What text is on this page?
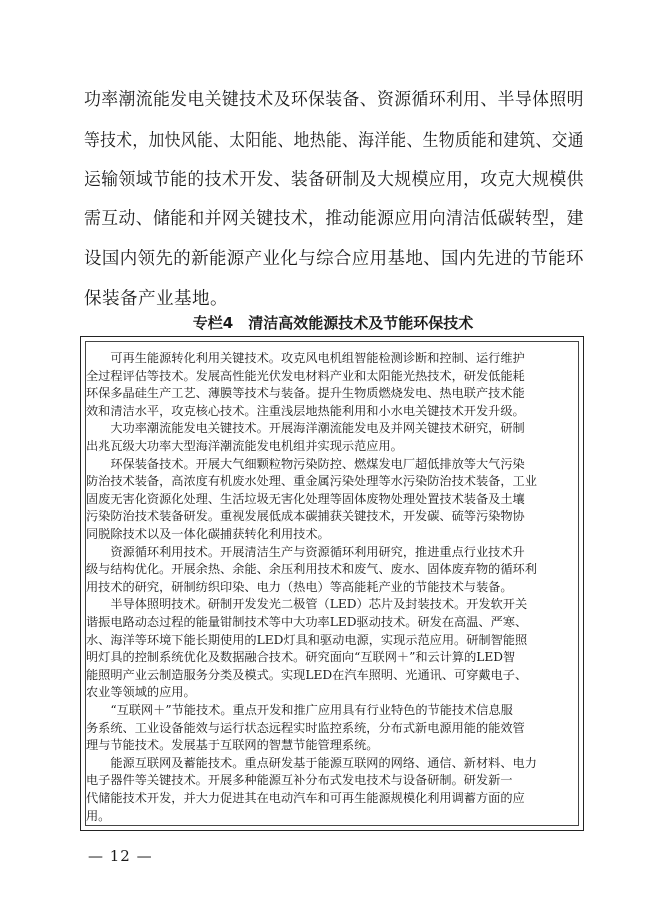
功率潮流能发电关键技术及环保装备、资源循环利用、半导体照明
等技术，加快风能、太阳能、地热能、海洋能、生物质能和建筑、交通
运输领域节能的技术开发、装备研制及大规模应用，攻克大规模供
需互动、储能和并网关键技术，推动能源应用向清洁低碳转型，建
设国内领先的新能源产业化与综合应用基地、国内先进的节能环
保装备产业基地。
专栏4　清洁高效能源技术及节能环保技术
　　可再生能源转化利用关键技术。攻克风电机组智能检测诊断和控制、运行维护
全过程评估等技术。发展高性能光伏发电材料产业和太阳能光热技术，研发低能耗
环保多晶硅生产工艺、薄膜等技术与装备。提升生物质燃烧发电、热电联产技术能
效和清洁水平，攻克核心技术。注重浅层地热能利用和小水电关键技术开发升级。
　　大功率潮流能发电关键技术。开展海洋潮流能发电及并网关键技术研究，研制
出兆瓦级大功率大型海洋潮流能发电机组并实现示范应用。
　　环保装备技术。开展大气细颗粒物污染防控、燃煤发电厂超低排放等大气污染
防治技术装备，高浓度有机废水处理、重金属污染处理等水污染防治技术装备，工业
固废无害化资源化处理、生活垃圾无害化处理等固体废物处理处置技术装备及土壤
污染防治技术装备研发。重视发展低成本碳捕获关键技术，开发碳、硫等污染物协
同脱除技术以及一体化碳捕获转化利用技术。
　　资源循环利用技术。开展清洁生产与资源循环利用研究，推进重点行业技术升
级与结构优化。开展余热、余能、余压利用技术和废气、废水、固体废弃物的循环利
用技术的研究，研制纺织印染、电力（热电）等高能耗产业的节能技术与装备。
　　半导体照明技术。研制开发发光二极管（LED）芯片及封装技术。开发软开关
谐振电路动态过程的能量钳制技术等中大功率LED驱动技术。研发在高温、严寒、
水、海洋等环境下能长期使用的LED灯具和驱动电源，实现示范应用。研制智能照
明灯具的控制系统优化及数据融合技术。研究面向“互联网＋”和云计算的LED智
能照明产业云制造服务分类及模式。实现LED在汽车照明、光通讯、可穿戴电子、
农业等领域的应用。
　　“互联网＋”节能技术。重点开发和推广应用具有行业特色的节能技术信息服
务系统、工业设备能效与运行状态远程实时监控系统，分布式新电源用能的能效管
理与节能技术。发展基于互联网的智慧节能管理系统。
　　能源互联网及蓄能技术。重点研发基于能源互联网的网络、通信、新材料、电力
电子器件等关键技术。开展多种能源互补分布式发电技术与设备研制。研发新一
代储能技术开发，并大力促进其在电动汽车和可再生能源规模化利用调蓄方面的应
用。
— 12 —
